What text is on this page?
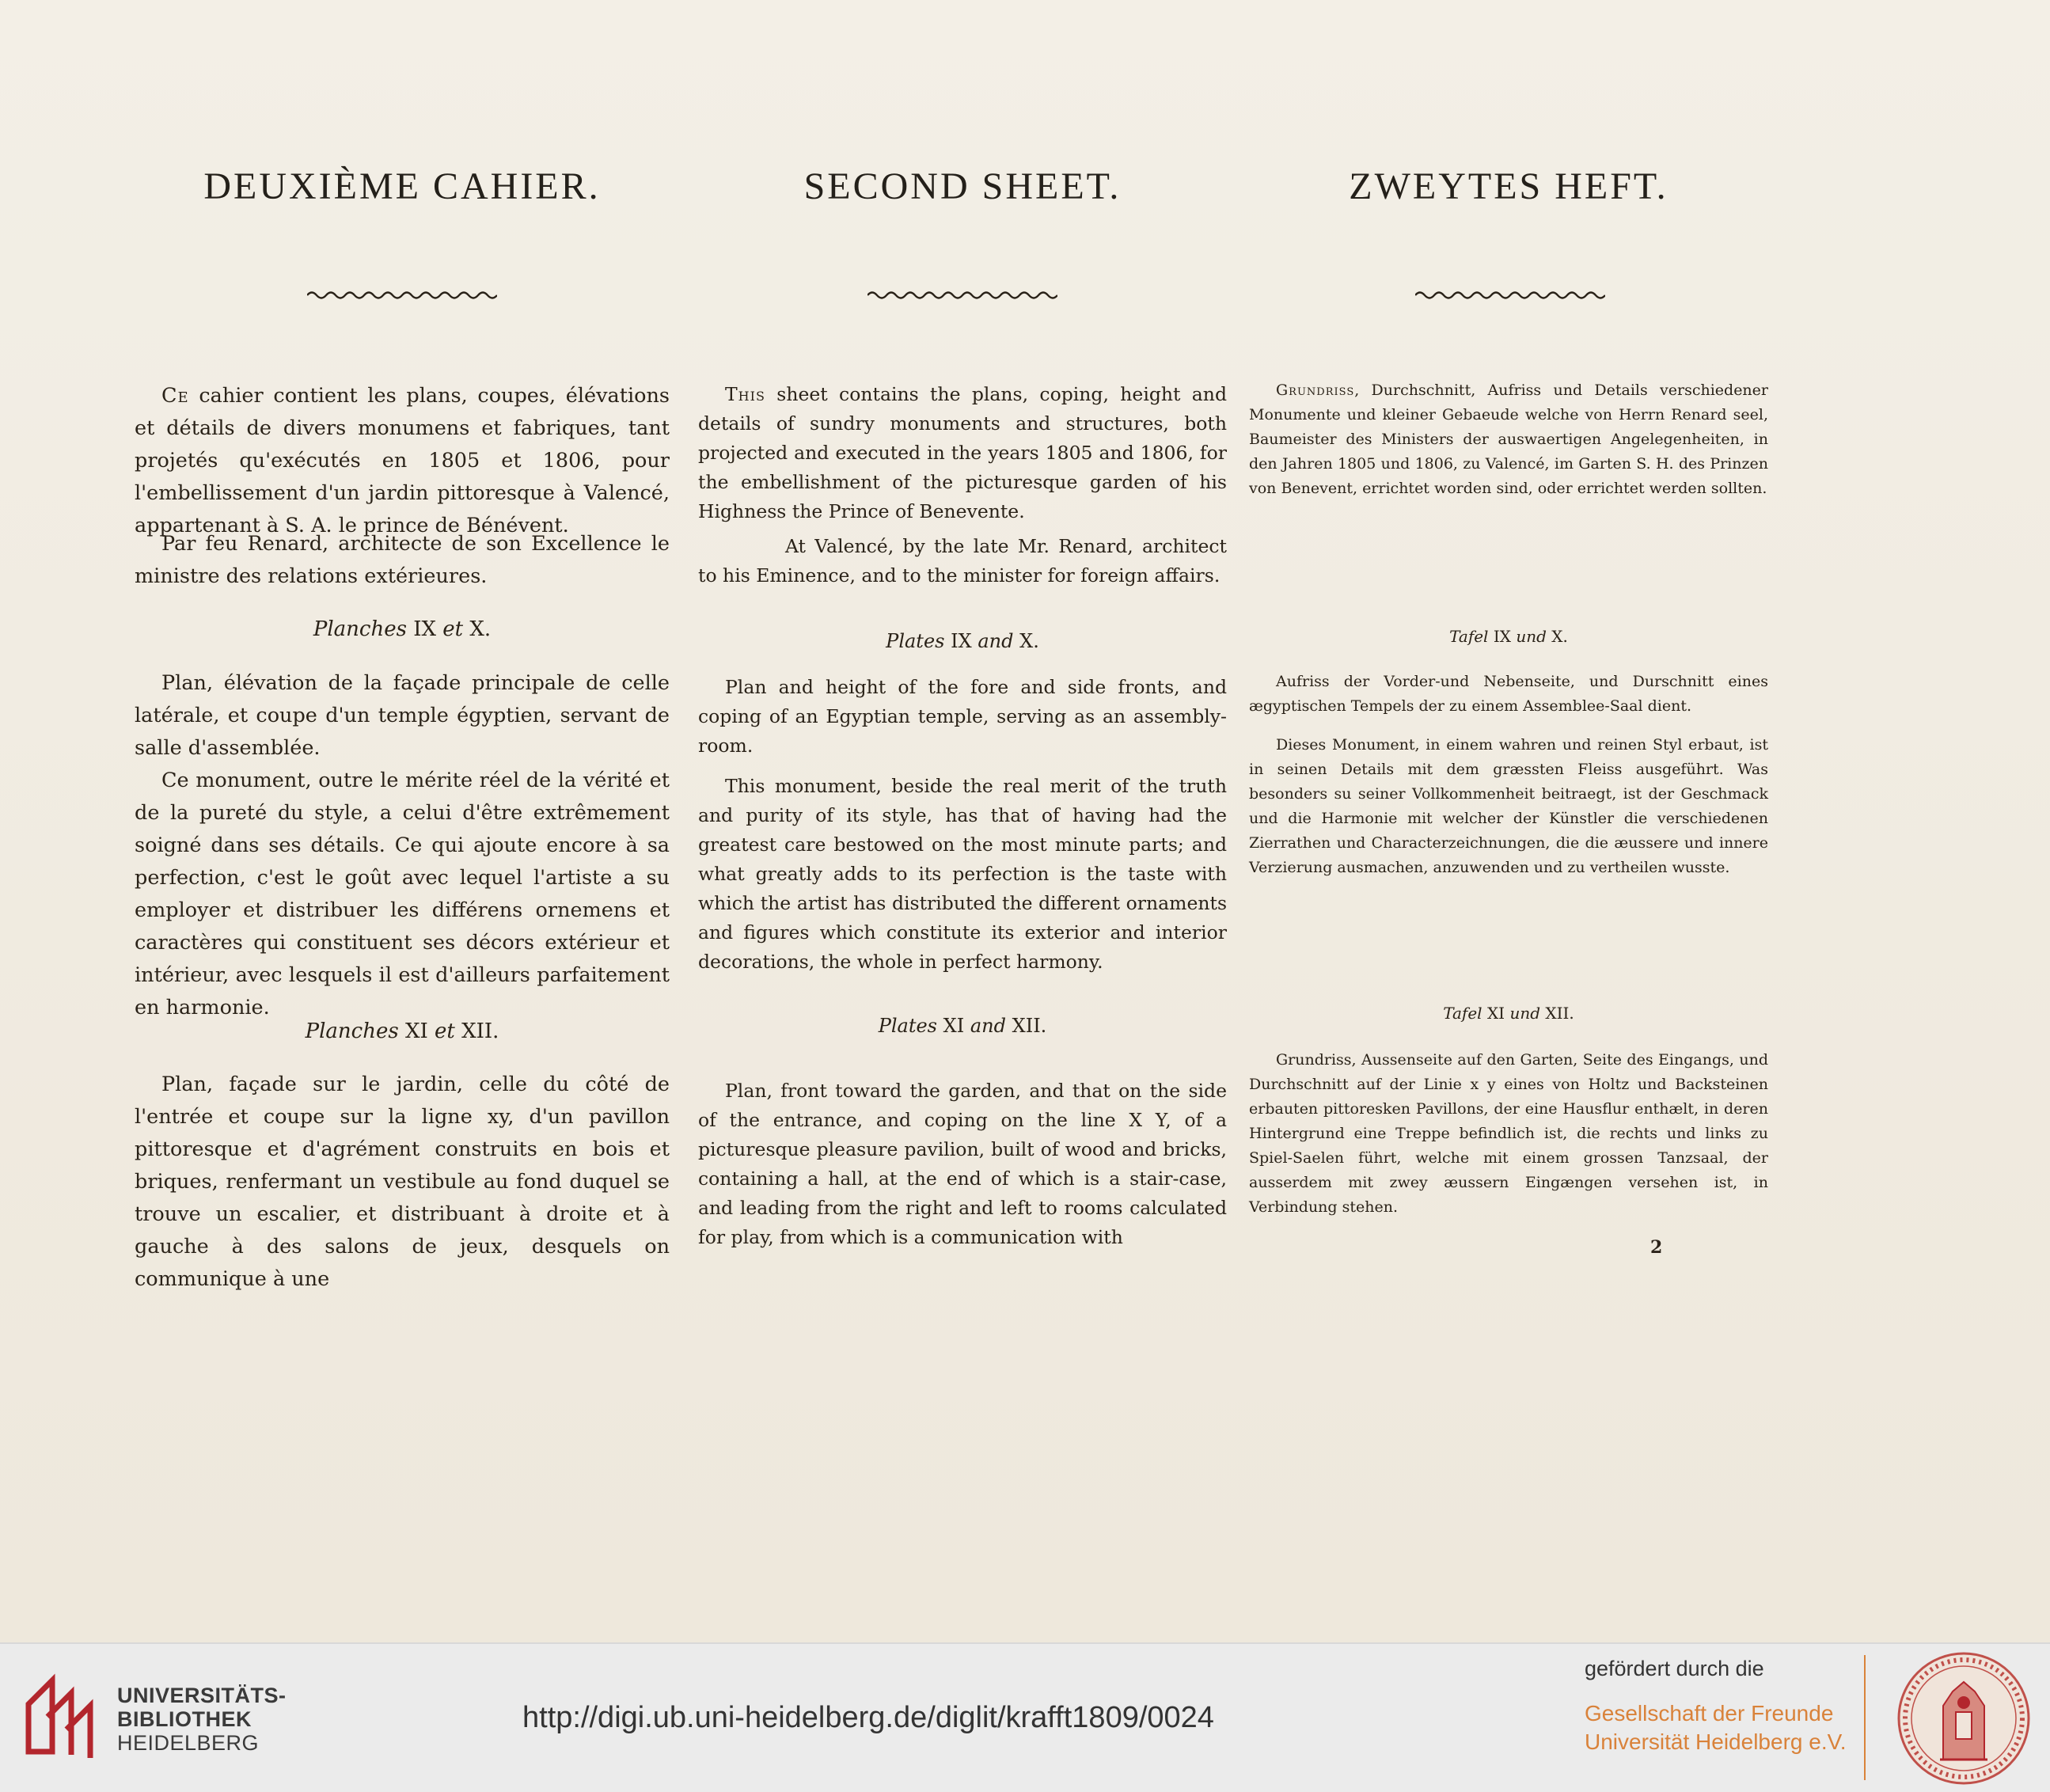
DEUXIÈME CAHIER.

Ce cahier contient les plans, coupes, élévations et détails de divers monumens et fabriques, tant projetés qu'exécutés en 1805 et 1806, pour l'embellissement d'un jardin pittoresque à Valencé, appartenant à S. A. le prince de Bénévent.

Par feu Renard, architecte de son Excellence le ministre des relations extérieures.

Planches IX et X.

Plan, élévation de la façade principale de celle latérale, et coupe d'un temple égyptien, servant de salle d'assemblée.

Ce monument, outre le mérite réel de la vérité et de la pureté du style, a celui d'être extrêmement soigné dans ses détails. Ce qui ajoute encore à sa perfection, c'est le goût avec lequel l'artiste a su employer et distribuer les différens ornemens et caractères qui constituent ses décors extérieur et intérieur, avec lesquels il est d'ailleurs parfaitement en harmonie.

Planches XI et XII.

Plan, façade sur le jardin, celle du côté de l'entrée et coupe sur la ligne xy, d'un pavillon pittoresque et d'agrément construits en bois et briques, renfermant un vestibule au fond duquel se trouve un escalier, et distribuant à droite et à gauche à des salons de jeux, desquels on communique à une

SECOND SHEET.

This sheet contains the plans, coping, height and details of sundry monuments and structures, both projected and executed in the years 1805 and 1806, for the embellishment of the picturesque garden of his Highness the Prince of Benevente.

At Valencé, by the late Mr. Renard, architect to his Eminence, and to the minister for foreign affairs.

Plates IX and X.

Plan and height of the fore and side fronts, and coping of an Egyptian temple, serving as an assembly-room.

This monument, beside the real merit of the truth and purity of its style, has that of having had the greatest care bestowed on the most minute parts; and what greatly adds to its perfection is the taste with which the artist has distributed the different ornaments and figures which constitute its exterior and interior decorations, the whole in perfect harmony.

Plates XI and XII.

Plan, front toward the garden, and that on the side of the entrance, and coping on the line X Y, of a picturesque pleasure pavilion, built of wood and bricks, containing a hall, at the end of which is a stair-case, and leading from the right and left to rooms calculated for play, from which is a communication with

ZWEYTES HEFT.

Grundriss, Durchschnitt, Aufriss und Details verschiedener Monumente und kleiner Gebaeude welche von Herrn Renard seel, Baumeister des Ministers der auswaertigen Angelegenheiten, in den Jahren 1805 und 1806, zu Valencé, im Garten S. H. des Prinzen von Benevent, errichtet worden sind, oder errichtet werden sollten.

Tafel IX und X.

Aufriss der Vorder-und Nebenseite, und Durschnitt eines ægyptischen Tempels der zu einem Assemblee-Saal dient.

Dieses Monument, in einem wahren und reinen Styl erbaut, ist in seinen Details mit dem græssten Fleiss ausgeführt. Was besonders su seiner Vollkommenheit beitraegt, ist der Geschmack und die Harmonie mit welcher der Künstler die verschiedenen Zierrathen und Characterzeichnungen, die die æussere und innere Verzierung ausmachen, anzuwenden und zu vertheilen wusste.

Tafel XI und XII.

Grundriss, Aussenseite auf den Garten, Seite des Eingangs, und Durchschnitt auf der Linie x y eines von Holtz und Backsteinen erbauten pittoresken Pavillons, der eine Hausflur enthælt, in deren Hintergrund eine Treppe befindlich ist, die rechts und links zu Spiel-Saelen führt, welche mit einem grossen Tanzsaal, der ausserdem mit zwey æussern Eingængen versehen ist, in Verbindung stehen.

2
UNIVERSITÄTS-
BIBLIOTHEK
HEIDELBERG
http://digi.ub.uni-heidelberg.de/diglit/krafft1809/0024
gefördert durch die
Gesellschaft der Freunde
Universität Heidelberg e.V.
